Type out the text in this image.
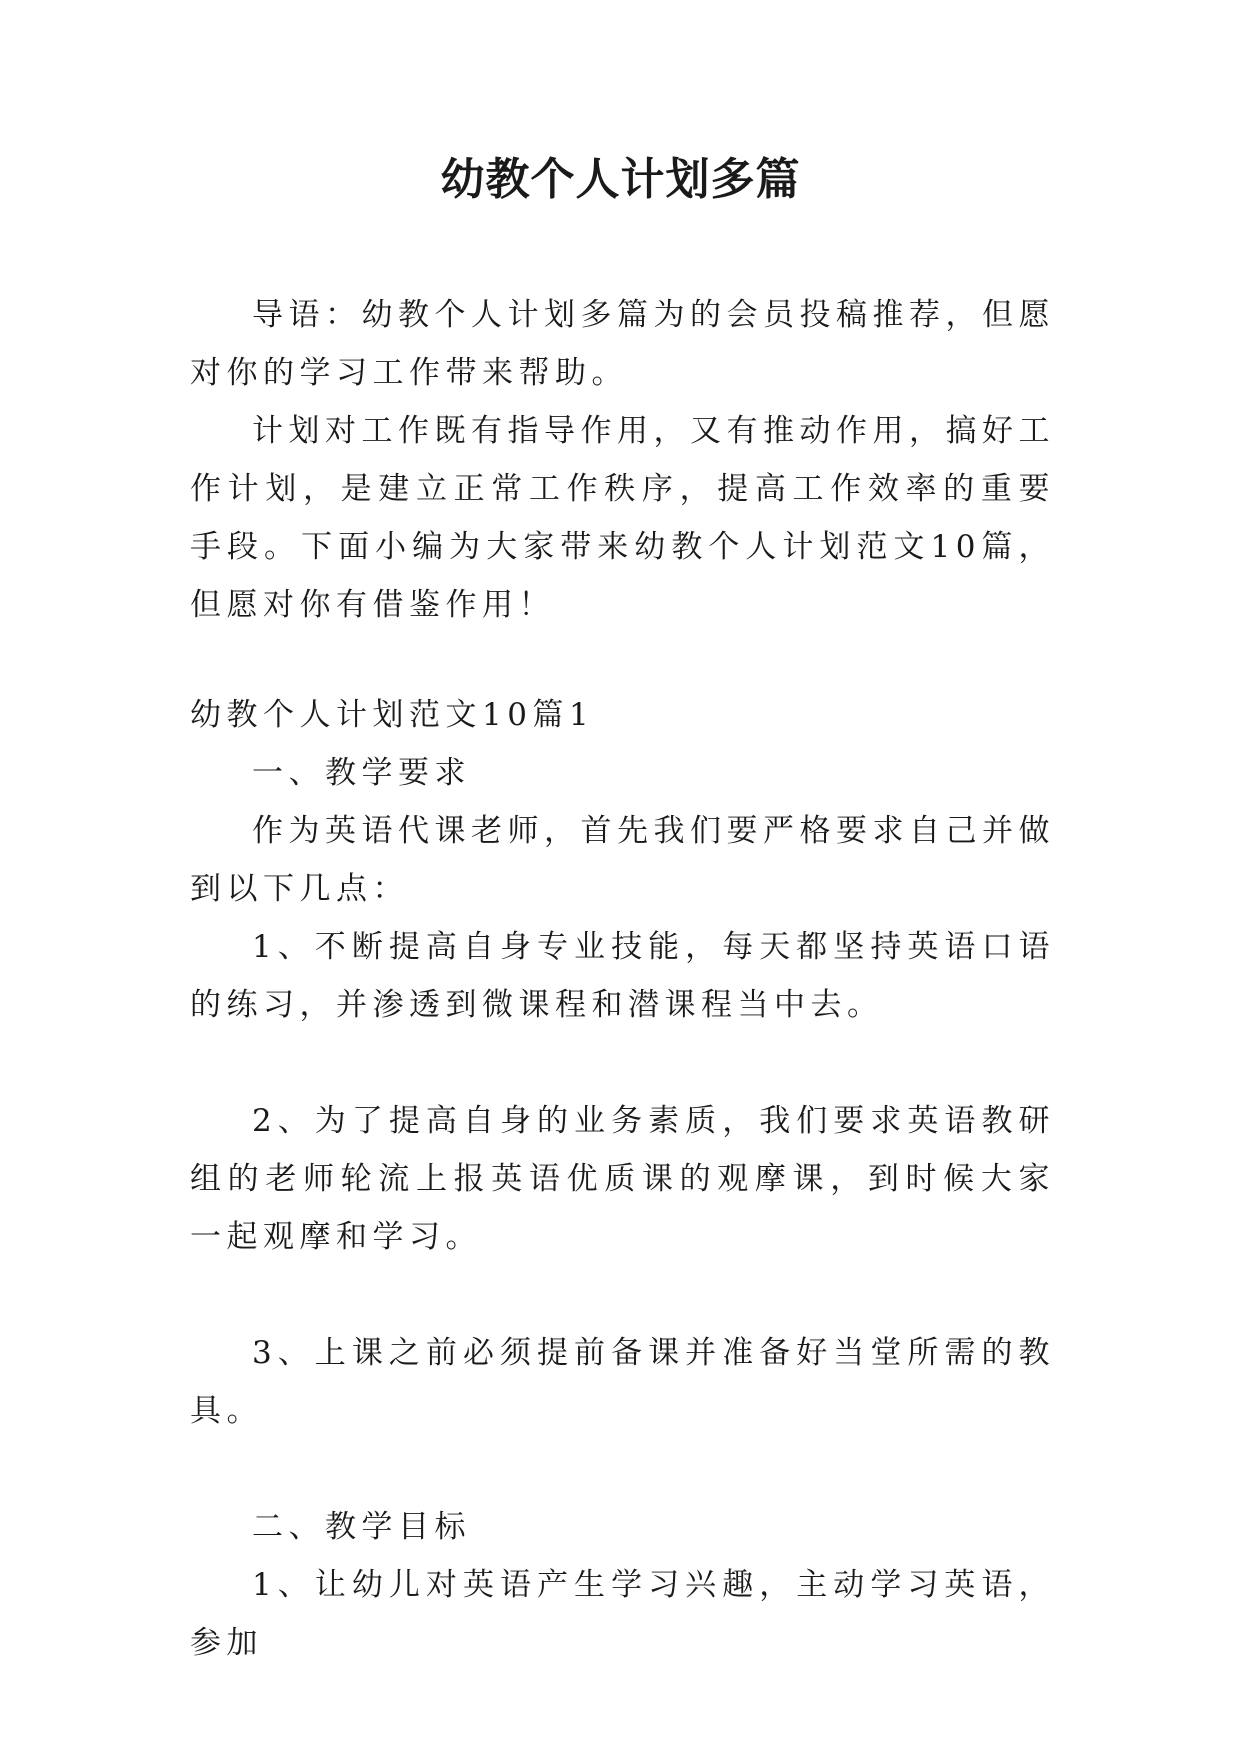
幼教个人计划多篇

导语：幼教个人计划多篇为的会员投稿推荐，但愿对你的学习工作带来帮助。

计划对工作既有指导作用，又有推动作用，搞好工作计划，是建立正常工作秩序，提高工作效率的重要手段。下面小编为大家带来幼教个人计划范文10篇，但愿对你有借鉴作用！

幼教个人计划范文10篇1

一、教学要求

作为英语代课老师，首先我们要严格要求自己并做到以下几点：

1、不断提高自身专业技能，每天都坚持英语口语的练习，并渗透到微课程和潜课程当中去。

2、为了提高自身的业务素质，我们要求英语教研组的老师轮流上报英语优质课的观摩课，到时候大家一起观摩和学习。

3、上课之前必须提前备课并准备好当堂所需的教具。

二、教学目标

1、让幼儿对英语产生学习兴趣，主动学习英语，参加
